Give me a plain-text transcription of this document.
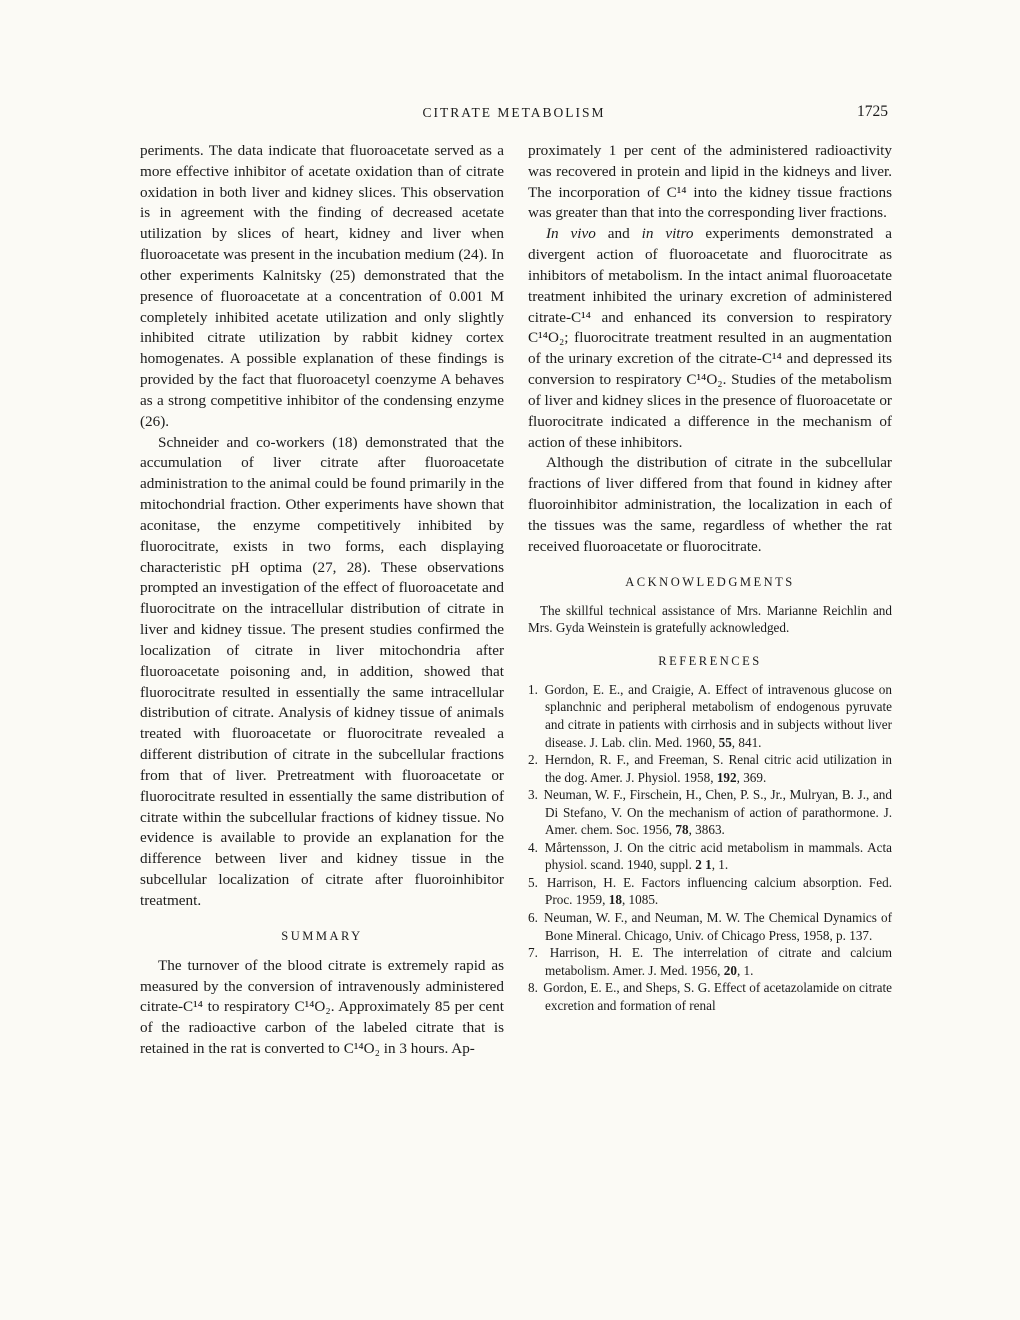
CITRATE METABOLISM	1725

periments. The data indicate that fluoroacetate served as a more effective inhibitor of acetate oxidation than of citrate oxidation in both liver and kidney slices. This observation is in agreement with the finding of decreased acetate utilization by slices of heart, kidney and liver when fluoroacetate was present in the incubation medium (24). In other experiments Kalnitsky (25) demonstrated that the presence of fluoroacetate at a concentration of 0.001 M completely inhibited acetate utilization and only slightly inhibited citrate utilization by rabbit kidney cortex homogenates. A possible explanation of these findings is provided by the fact that fluoroacetyl coenzyme A behaves as a strong competitive inhibitor of the condensing enzyme (26).

Schneider and co-workers (18) demonstrated that the accumulation of liver citrate after fluoroacetate administration to the animal could be found primarily in the mitochondrial fraction. Other experiments have shown that aconitase, the enzyme competitively inhibited by fluorocitrate, exists in two forms, each displaying characteristic pH optima (27, 28). These observations prompted an investigation of the effect of fluoroacetate and fluorocitrate on the intracellular distribution of citrate in liver and kidney tissue. The present studies confirmed the localization of citrate in liver mitochondria after fluoroacetate poisoning and, in addition, showed that fluorocitrate resulted in essentially the same intracellular distribution of citrate. Analysis of kidney tissue of animals treated with fluoroacetate or fluorocitrate revealed a different distribution of citrate in the subcellular fractions from that of liver. Pretreatment with fluoroacetate or fluorocitrate resulted in essentially the same distribution of citrate within the subcellular fractions of kidney tissue. No evidence is available to provide an explanation for the difference between liver and kidney tissue in the subcellular localization of citrate after fluoroinhibitor treatment.

SUMMARY

The turnover of the blood citrate is extremely rapid as measured by the conversion of intravenously administered citrate-C¹⁴ to respiratory C¹⁴O₂. Approximately 85 per cent of the radioactive carbon of the labeled citrate that is retained in the rat is converted to C¹⁴O₂ in 3 hours. Ap-

proximately 1 per cent of the administered radioactivity was recovered in protein and lipid in the kidneys and liver. The incorporation of C¹⁴ into the kidney tissue fractions was greater than that into the corresponding liver fractions.

In vivo and in vitro experiments demonstrated a divergent action of fluoroacetate and fluorocitrate as inhibitors of metabolism. In the intact animal fluoroacetate treatment inhibited the urinary excretion of administered citrate-C¹⁴ and enhanced its conversion to respiratory C¹⁴O₂; fluorocitrate treatment resulted in an augmentation of the urinary excretion of the citrate-C¹⁴ and depressed its conversion to respiratory C¹⁴O₂. Studies of the metabolism of liver and kidney slices in the presence of fluoroacetate or fluorocitrate indicated a difference in the mechanism of action of these inhibitors.

Although the distribution of citrate in the subcellular fractions of liver differed from that found in kidney after fluoroinhibitor administration, the localization in each of the tissues was the same, regardless of whether the rat received fluoroacetate or fluorocitrate.

ACKNOWLEDGMENTS

The skillful technical assistance of Mrs. Marianne Reichlin and Mrs. Gyda Weinstein is gratefully acknowledged.

REFERENCES
1. Gordon, E. E., and Craigie, A. Effect of intravenous glucose on splanchnic and peripheral metabolism of endogenous pyruvate and citrate in patients with cirrhosis and in subjects without liver disease. J. Lab. clin. Med. 1960, 55, 841.
2. Herndon, R. F., and Freeman, S. Renal citric acid utilization in the dog. Amer. J. Physiol. 1958, 192, 369.
3. Neuman, W. F., Firschein, H., Chen, P. S., Jr., Mulryan, B. J., and Di Stefano, V. On the mechanism of action of parathormone. J. Amer. chem. Soc. 1956, 78, 3863.
4. Mårtensson, J. On the citric acid metabolism in mammals. Acta physiol. scand. 1940, suppl. 2 1, 1.
5. Harrison, H. E. Factors influencing calcium absorption. Fed. Proc. 1959, 18, 1085.
6. Neuman, W. F., and Neuman, M. W. The Chemical Dynamics of Bone Mineral. Chicago, Univ. of Chicago Press, 1958, p. 137.
7. Harrison, H. E. The interrelation of citrate and calcium metabolism. Amer. J. Med. 1956, 20, 1.
8. Gordon, E. E., and Sheps, S. G. Effect of acetazolamide on citrate excretion and formation of renal
